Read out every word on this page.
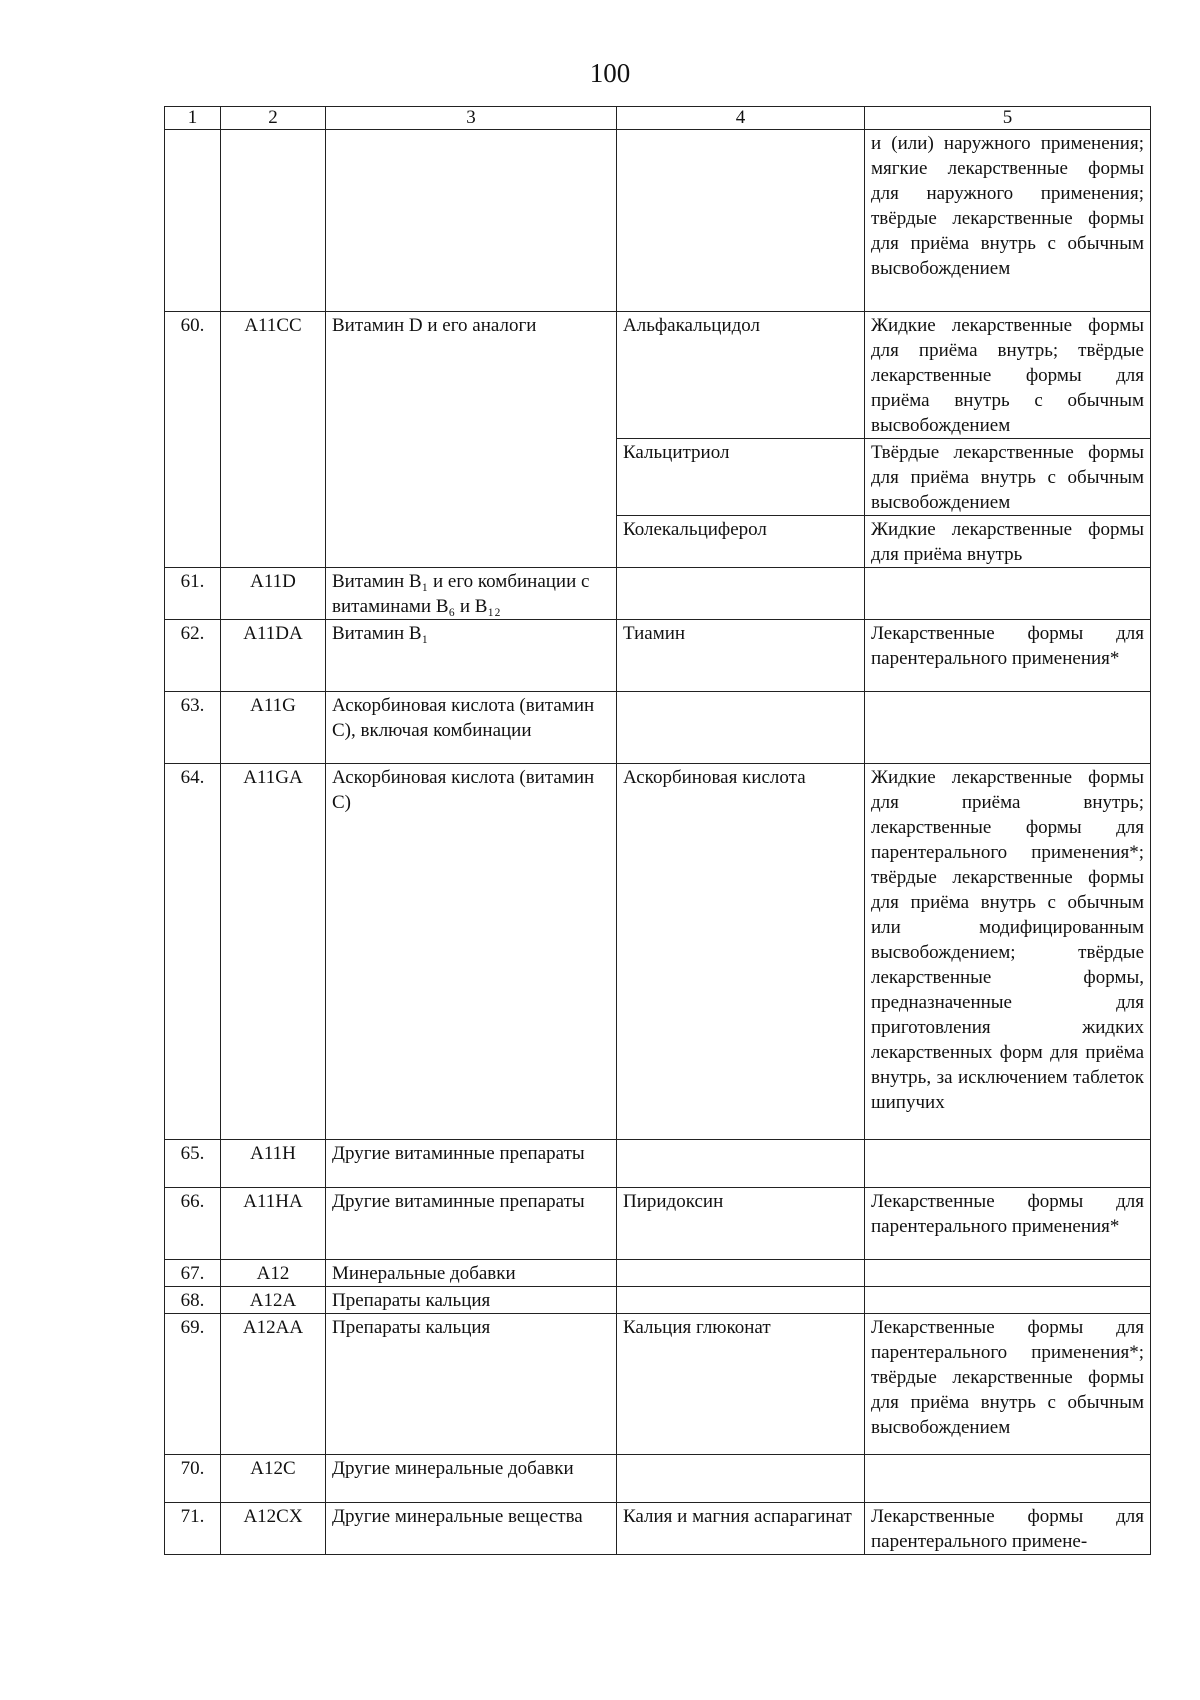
100
1	2	3	4	5
				и (или) наружного применения; мягкие лекарственные формы для наружного применения; твёрдые лекарственные формы для приёма внутрь с обычным высвобождением
60.	A11CC	Витамин D и его аналоги	Альфакальцидол	Жидкие лекарственные формы для приёма внутрь; твёрдые лекарственные формы для приёма внутрь с обычным высвобождением
			Кальцитриол	Твёрдые лекарственные формы для приёма внутрь с обычным высвобождением
			Колекальциферол	Жидкие лекарственные формы для приёма внутрь
61.	A11D	Витамин B₁ и его комбинации с витаминами B₆ и B₁₂		
62.	A11DA	Витамин B₁	Тиамин	Лекарственные формы для парентерального применения*
63.	A11G	Аскорбиновая кислота (витамин C), включая комбинации		
64.	A11GA	Аскорбиновая кислота (витамин C)	Аскорбиновая кислота	Жидкие лекарственные формы для приёма внутрь; лекарственные формы для парентерального применения*; твёрдые лекарственные формы для приёма внутрь с обычным или модифицированным высвобождением; твёрдые лекарственные формы, предназначенные для приготовления жидких лекарственных форм для приёма внутрь, за исключением таблеток шипучих
65.	A11H	Другие витаминные препараты		
66.	A11HA	Другие витаминные препараты	Пиридоксин	Лекарственные формы для парентерального применения*
67.	A12	Минеральные добавки		
68.	A12A	Препараты кальция		
69.	A12AA	Препараты кальция	Кальция глюконат	Лекарственные формы для парентерального применения*; твёрдые лекарственные формы для приёма внутрь с обычным высвобождением
70.	A12C	Другие минеральные добавки		
71.	A12CX	Другие минеральные вещества	Калия и магния аспарагинат	Лекарственные формы для парентерального примене-
